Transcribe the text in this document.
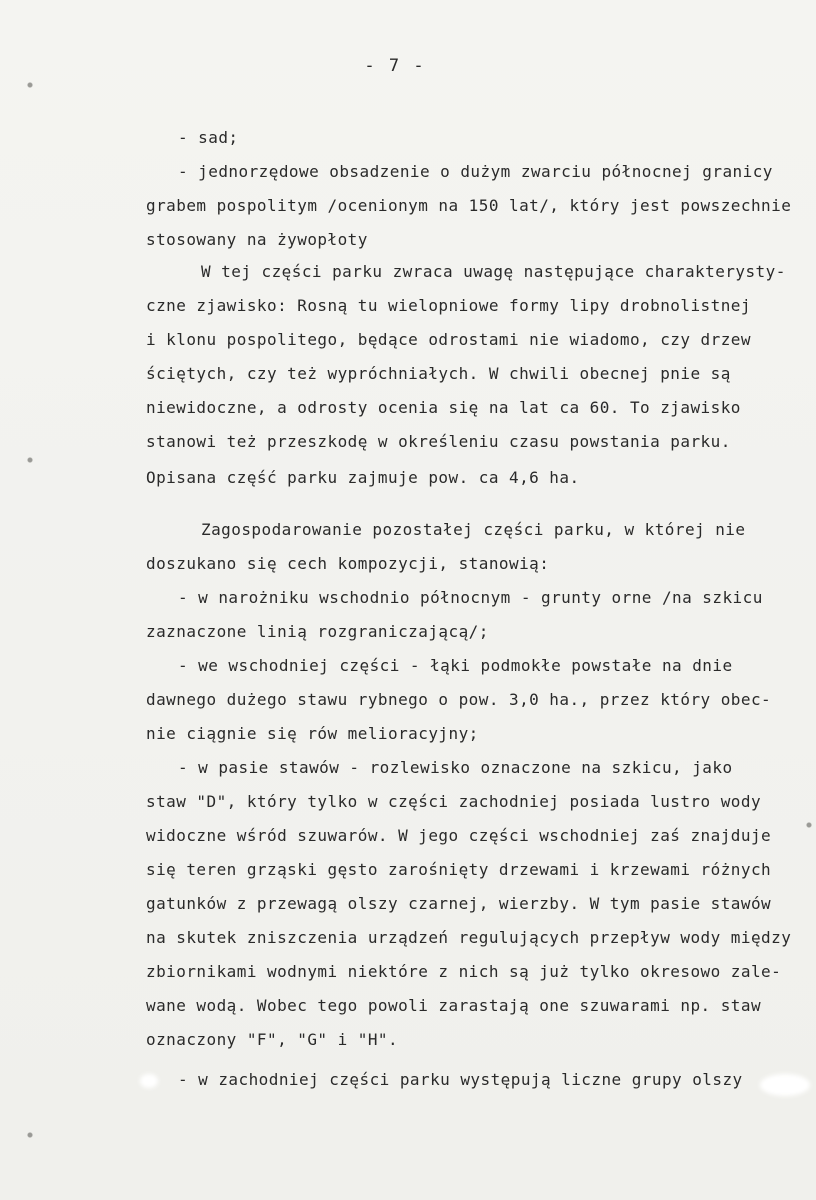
- 7 -
- sad;
- jednorzędowe obsadzenie o dużym zwarciu północnej granicy
grabem pospolitym /ocenionym na 150 lat/, który jest powszechnie
stosowany na żywopłoty
W tej części parku zwraca uwagę następujące charakterysty-
czne zjawisko: Rosną tu wielopniowe formy lipy drobnolistnej
i klonu pospolitego, będące odrostami nie wiadomo, czy drzew
ściętych, czy też wypróchniałych. W chwili obecnej pnie są
niewidoczne, a odrosty ocenia się na lat ca 60. To zjawisko
stanowi też przeszkodę w określeniu czasu powstania parku.
Opisana część parku zajmuje pow. ca 4,6 ha.
Zagospodarowanie pozostałej części parku, w której nie
doszukano się cech kompozycji, stanowią:
- w narożniku wschodnio północnym - grunty orne /na szkicu
zaznaczone linią rozgraniczającą/;
- we wschodniej części - łąki podmokłe powstałe na dnie
dawnego dużego stawu rybnego o pow. 3,0 ha., przez który obec-
nie ciągnie się rów melioracyjny;
- w pasie stawów - rozlewisko oznaczone na szkicu, jako
staw "D", który tylko w części zachodniej posiada lustro wody
widoczne wśród szuwarów. W jego części wschodniej zaś znajduje
się teren grząski gęsto zarośnięty drzewami i krzewami różnych
gatunków z przewagą olszy czarnej, wierzby. W tym pasie stawów
na skutek zniszczenia urządzeń regulujących przepływ wody między
zbiornikami wodnymi niektóre z nich są już tylko okresowo zale-
wane wodą. Wobec tego powoli zarastają one szuwarami np. staw
oznaczony "F", "G" i "H".
- w zachodniej części parku występują liczne grupy olszy
